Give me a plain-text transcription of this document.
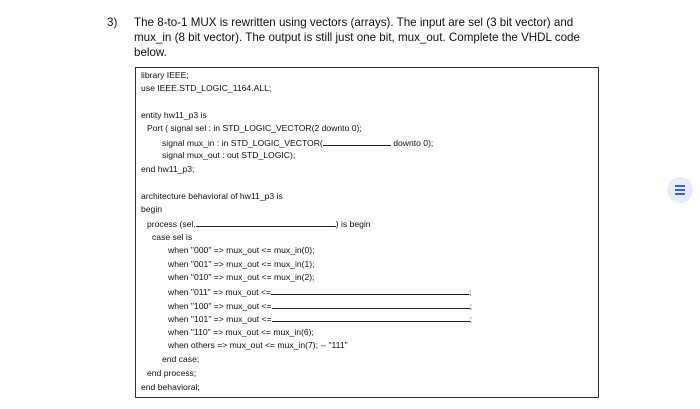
3) The 8-to-1 MUX is rewritten using vectors (arrays). The input are sel (3 bit vector) and mux_in (8 bit vector). The output is still just one bit, mux_out. Complete the VHDL code below.
library IEEE;
use IEEE.STD_LOGIC_1164.ALL;
entity hw11_p3 is
Port ( signal sel : in STD_LOGIC_VECTOR(2 downto 0);
signal mux_in : in STD_LOGIC_VECTOR(	downto 0);
signal mux_out : out STD_LOGIC);
end hw11_p3;
architecture behavioral of hw11_p3 is
begin
process (sel,	) is begin
case sel is
when "000" => mux_out <= mux_in(0);
when "001" => mux_out <= mux_in(1);
when "010" => mux_out <= mux_in(2);
when "011" => mux_out <=	;
when "100" => mux_out <=	;
when "101" => mux_out <=	;
when "110" => mux_out <= mux_in(6);
when others => mux_out <= mux_in(7); -- "111"
end case;
end process;
end behavioral;
